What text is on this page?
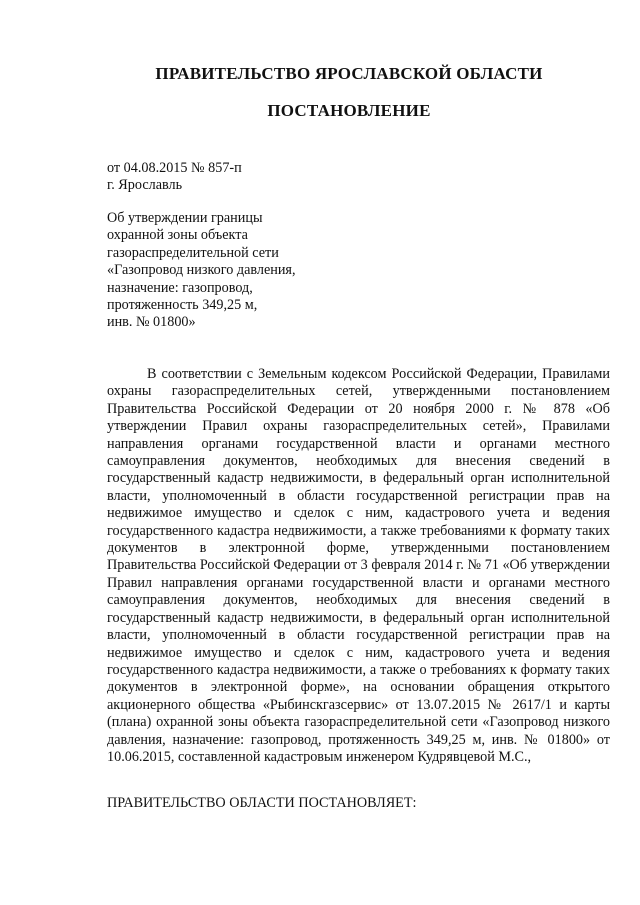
ПРАВИТЕЛЬСТВО ЯРОСЛАВСКОЙ ОБЛАСТИ
ПОСТАНОВЛЕНИЕ
от 04.08.2015 № 857-п
г. Ярославль
Об утверждении границы
охранной зоны объекта
газораспределительной сети
«Газопровод низкого давления,
назначение: газопровод,
протяженность 349,25 м,
инв. № 01800»

В соответствии с Земельным кодексом Российской Федерации, Правилами охраны газораспределительных сетей, утвержденными постановлением Правительства Российской Федерации от 20 ноября 2000 г. № 878 «Об утверждении Правил охраны газораспределительных сетей», Правилами направления органами государственной власти и органами местного самоуправления документов, необходимых для внесения сведений в государственный кадастр недвижимости, в федеральный орган исполнительной власти, уполномоченный в области государственной регистрации прав на недвижимое имущество и сделок с ним, кадастрового учета и ведения государственного кадастра недвижимости, а также требованиями к формату таких документов в электронной форме, утвержденными постановлением Правительства Российской Федерации от 3 февраля 2014 г. № 71 «Об утверждении Правил направления органами государственной власти и органами местного самоуправления документов, необходимых для внесения сведений в государственный кадастр недвижимости, в федеральный орган исполнительной власти, уполномоченный в области государственной регистрации прав на недвижимое имущество и сделок с ним, кадастрового учета и ведения государственного кадастра недвижимости, а также о требованиях к формату таких документов в электронной форме», на основании обращения открытого акционерного общества «Рыбинскгазсервис» от 13.07.2015 № 2617/1 и карты (плана) охранной зоны объекта газораспределительной сети «Газопровод низкого давления, назначение: газопровод, протяженность 349,25 м, инв. № 01800» от 10.06.2015, составленной кадастровым инженером Кудрявцевой М.С.,

ПРАВИТЕЛЬСТВО ОБЛАСТИ ПОСТАНОВЛЯЕТ:
